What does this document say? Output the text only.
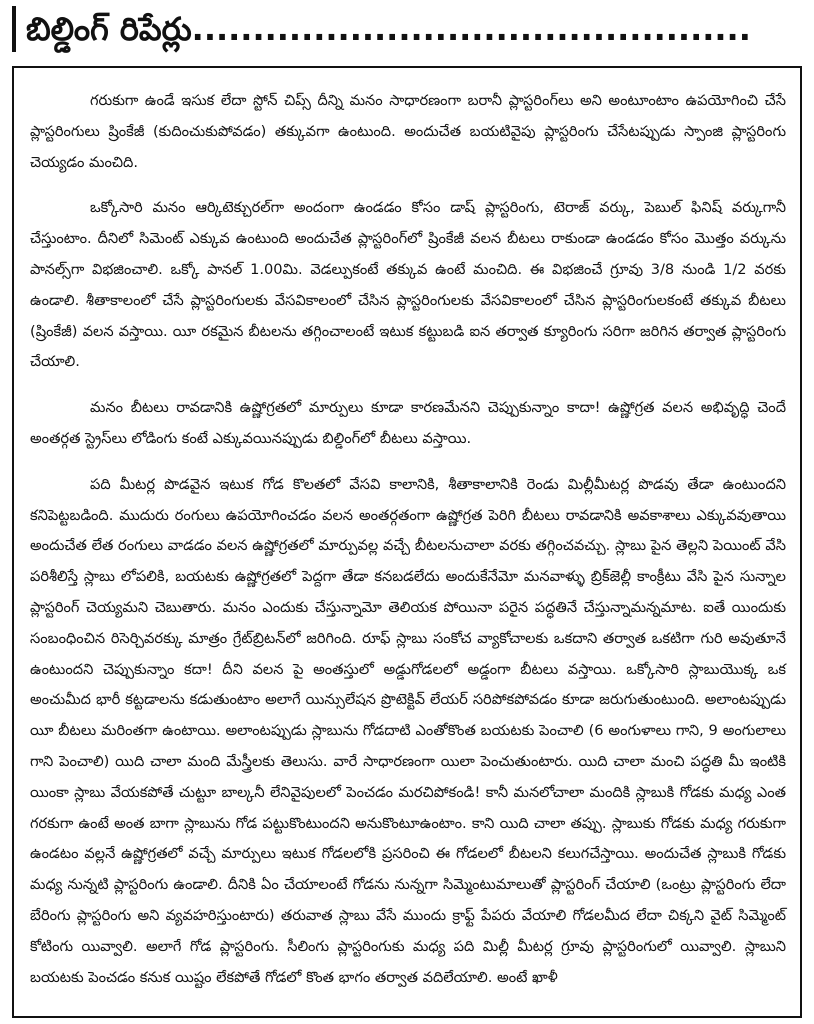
బిల్డింగ్ రిపేర్లు..............................................

గరుకుగా ఉండే ఇసుక లేదా స్టోన్ చిప్స్ దీన్ని మనం సాధారణంగా బరానీ ప్లాస్టరింగ్‌లు అని అంటూంటాం ఉపయోగించి చేసే ప్లాస్టరింగులు ష్రింకేజీ (కుదించుకుపోవడం) తక్కువగా ఉంటుంది. అందుచేత బయటివైపు ప్లాస్టరింగు చేసేటప్పుడు స్పాంజి ప్లాస్టరింగు చెయ్యడం మంచిది.

ఒక్కోసారి మనం ఆర్కిటెక్చురల్‌గా అందంగా ఉండడం కోసం డాష్ ప్లాస్టరింగు, టెరాజ్ వర్కు, పెబుల్ ఫినిష్ వర్కుగానీ చేస్తుంటాం. దీనిలో సిమెంట్ ఎక్కువ ఉంటుంది అందుచేత ప్లాస్టరింగ్‌లో ష్రింకేజీ వలన బీటలు రాకుండా ఉండడం కోసం మొత్తం వర్కును పానల్స్‌గా విభజించాలి. ఒక్కో పానల్ 1.00మి. వెడల్పుకంటే తక్కువ ఉంటే మంచిది. ఈ విభజించే గ్రూవు 3/8 నుండి 1/2 వరకు ఉండాలి. శీతాకాలంలో చేసే ప్లాస్టరింగులకు వేసవికాలంలో చేసిన ప్లాస్టరింగులకు వేసవికాలంలో చేసిన ప్లాస్టరింగులకంటే తక్కువ బీటలు (ష్రింకేజీ) వలన వస్తాయి. యీ రకమైన బీటలను తగ్గించాలంటే ఇటుక కట్టుబడి ఐన తర్వాత క్యూరింగు సరిగా జరిగిన తర్వాత ప్లాస్టరింగు చేయాలి.

మనం బీటలు రావడానికి ఉష్ణోగ్రతలో మార్పులు కూడా కారణమేనని చెప్పుకున్నాం కాదా! ఉష్ణోగ్రత వలన అభివృద్ధి చెందే అంతర్గత స్ట్రెస్‌లు లోడింగు కంటే ఎక్కువయినప్పుడు బిల్డింగ్‌లో బీటలు వస్తాయి.

పది మీటర్ల పొడవైన ఇటుక గోడ కొలతలో వేసవి కాలానికి, శీతాకాలానికి రెండు మిల్లీమీటర్ల పొడవు తేడా ఉంటుందని కనిపెట్టబడింది. ముదురు రంగులు ఉపయోగించడం వలన అంతర్గతంగా ఉష్ణోగ్రత పెరిగి బీటలు రావడానికి అవకాశాలు ఎక్కువవుతాయి అందుచేత లేత రంగులు వాడడం వలన ఉష్ణోగ్రతలో మార్పువల్ల వచ్చే బీటలనుచాలా వరకు తగ్గించవచ్చు. స్లాబు పైన తెల్లని పెయింట్ వేసి పరిశీలిస్తే స్లాబు లోపలికి, బయటకు ఉష్ణోగ్రతలో పెద్దగా తేడా కనబడలేదు అందుకేనేమో మనవాళ్ళు బ్రిక్‌జెల్లీ కాంక్రీటు వేసి పైన సున్నాల ప్లాస్టరింగ్ చెయ్యమని చెబుతారు. మనం ఎందుకు చేస్తున్నామో తెలియక పోయినా పరైన పద్ధతినే చేస్తున్నామన్నమాట. ఐతే యిందుకు సంబంధించిన రిసెర్చివరక్కు మాత్రం గ్రేట్‌బ్రిటన్‌లో జరిగింది. రూఫ్ స్లాబు సంకోచ వ్యాకోచాలకు ఒకదాని తర్వాత ఒకటిగా గురి అవుతూనే ఉంటుందని చెప్పుకున్నాం కదా! దీని వలన పై అంతస్తులో అడ్డుగోడలలో అడ్డంగా బీటలు వస్తాయి. ఒక్కోసారి స్లాబుయొక్క ఒక అంచుమీద భారీ కట్టడాలను కడుతుంటాం అలాగే యిన్సులేషన ప్రొటెక్టివ్ లేయర్ సరిపోకపోవడం కూడా జరుగుతుంటుంది. అలాంటప్పుడు యీ బీటలు మరింతగా ఉంటాయి. అలాంటప్పుడు స్లాబును గోడదాటి ఎంతోకొంత బయటకు పెంచాలి (6 అంగుళాలు గాని, 9 అంగులాలు గాని పెంచాలి) యిది చాలా మంది మేస్త్రీలకు తెలుసు. వారే సాధారణంగా యిలా పెంచుతుంటారు. యిది చాలా మంచి పద్ధతి మీ ఇంటికి యింకా స్లాబు వేయకపోతే చుట్టూ బాల్కనీ లేనివైపులలో పెంచడం మరచిపోకండి! కానీ మనలోచాలా మందికి స్లాబుకి గోడకు మధ్య ఎంత గరకుగా ఉంటే అంత బాగా స్లాబును గోడ పట్టుకొంటుందని అనుకొంటూఉంటాం. కాని యిది చాలా తప్పు. స్లాబుకు గోడకు మధ్య గరుకుగా ఉండటం వల్లనే ఉష్ణోగ్రతలో వచ్చే మార్పులు ఇటుక గోడలలోకి ప్రసరించి ఈ గోడలలో బీటలని కలుగచేస్తాయి. అందుచేత స్లాబుకి గోడకు మధ్య నున్నటి ప్లాస్టరింగు ఉండాలి. దీనికి ఏం చేయాలంటే గోడను నున్నగా సిమ్మెంటుమాలుతో ప్లాస్టరింగ్ చేయాలి (ఒంట్రు ప్లాస్టరింగు లేదా బేరింగు ప్లాస్టరింగు అని వ్యవహరిస్తుంటారు) తరువాత స్లాబు వేసే ముందు క్రాఫ్ట్ పేపరు వేయాలి గోడలమీద లేదా చిక్కని వైట్ సిమ్మెంట్ కోటింగు యివ్వాలి. అలాగే గోడ ప్లాస్టరింగు. సీలింగు ప్లాస్టరింగుకు మధ్య పది మిల్లీ మీటర్ల గ్రూవు ప్లాస్టరింగులో యివ్వాలి. స్లాబుని బయటకు పెంచడం కనుక యిష్టం లేకపోతే గోడలో కొంత భాగం తర్వాత వదిలేయాలి. అంటే ఖాళీ
